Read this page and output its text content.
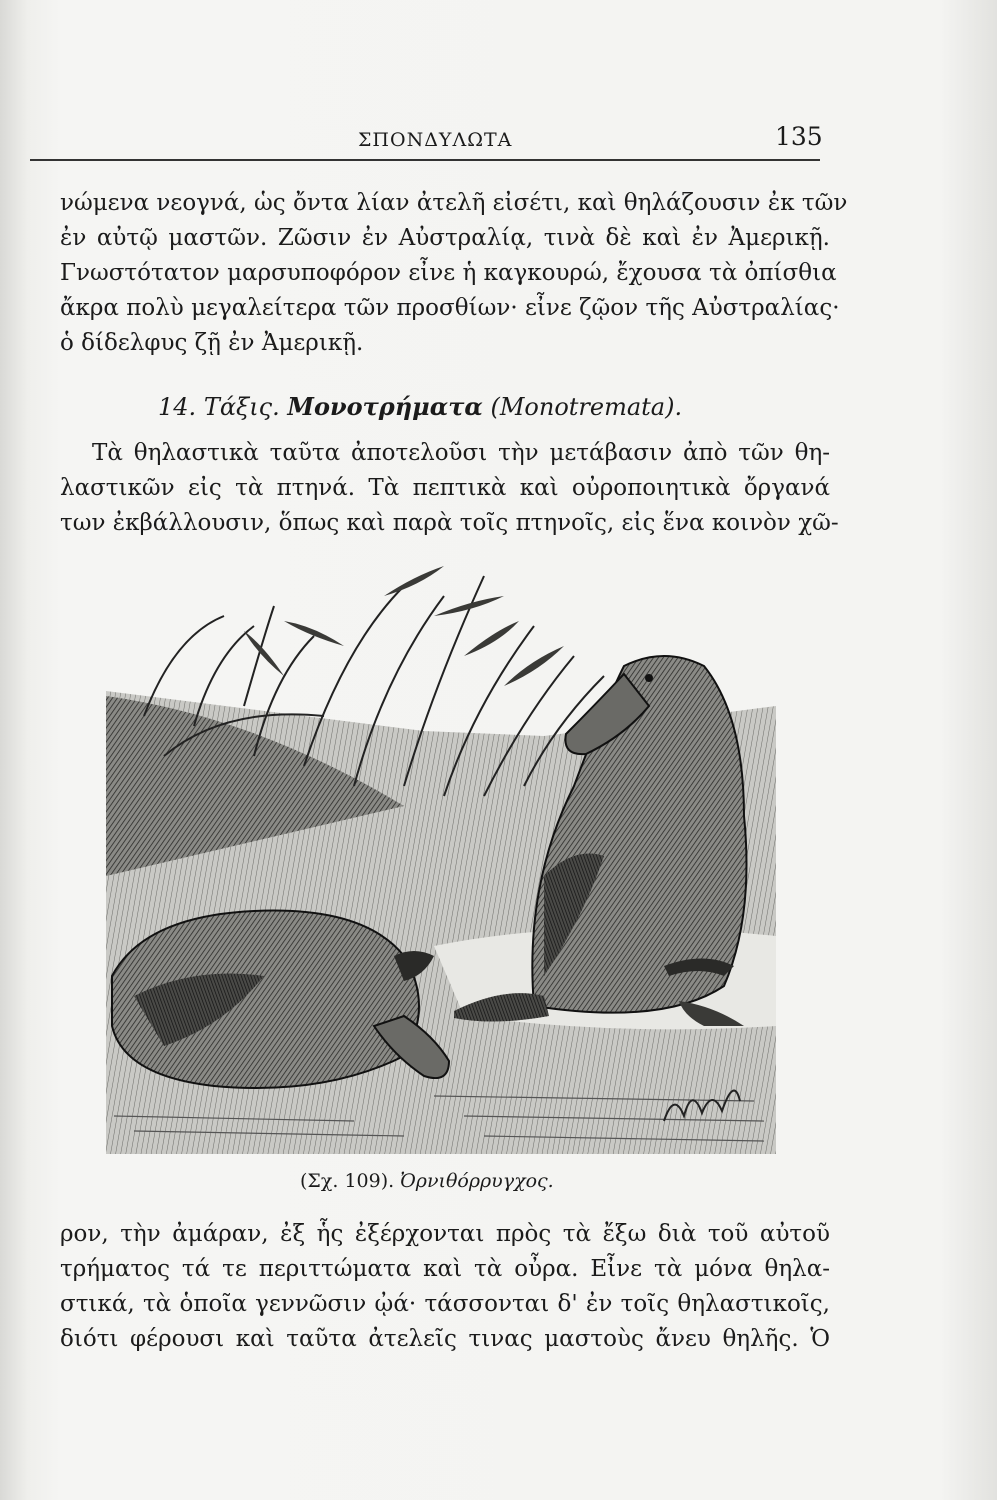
ΣΠΟΝΔΥΛΩΤΑ	135
νώμενα νεογνά, ὡς ὄντα λίαν ἀτελῆ εἰσέτι, καὶ θηλάζουσιν ἐκ τῶν
ἐν αὐτῷ μαστῶν. Ζῶσιν ἐν Αὐστραλίᾳ, τινὰ δὲ καὶ ἐν Ἀμερικῇ.
Γνωστότατον μαρσυποφόρον εἶνε ἡ καγκουρώ, ἔχουσα τὰ ὀπίσθια
ἄκρα πολὺ μεγαλείτερα τῶν προσθίων· εἶνε ζῷον τῆς Αὐστραλίας·
ὁ δίδελφυς ζῇ ἐν Ἀμερικῇ.
14. Τάξις. Μονοτρήματα (Monotremata).
Τὰ θηλαστικὰ ταῦτα ἀποτελοῦσι τὴν μετάβασιν ἀπὸ τῶν θη-
λαστικῶν εἰς τὰ πτηνά. Τὰ πεπτικὰ καὶ οὐροποιητικὰ ὄργανά
των ἐκβάλλουσιν, ὅπως καὶ παρὰ τοῖς πτηνοῖς, εἰς ἕνα κοινὸν χῶ-
(Σχ. 109). Ὀρνιθόρρυγχος.
ρον, τὴν ἀμάραν, ἐξ ἧς ἐξέρχονται πρὸς τὰ ἔξω διὰ τοῦ αὐτοῦ
τρήματος τά τε περιττώματα καὶ τὰ οὖρα. Εἶνε τὰ μόνα θηλα-
στικά, τὰ ὁποῖα γεννῶσιν ᾠά· τάσσονται δ' ἐν τοῖς θηλαστικοῖς,
διότι φέρουσι καὶ ταῦτα ἀτελεῖς τινας μαστοὺς ἄνευ θηλῆς. Ὁ
